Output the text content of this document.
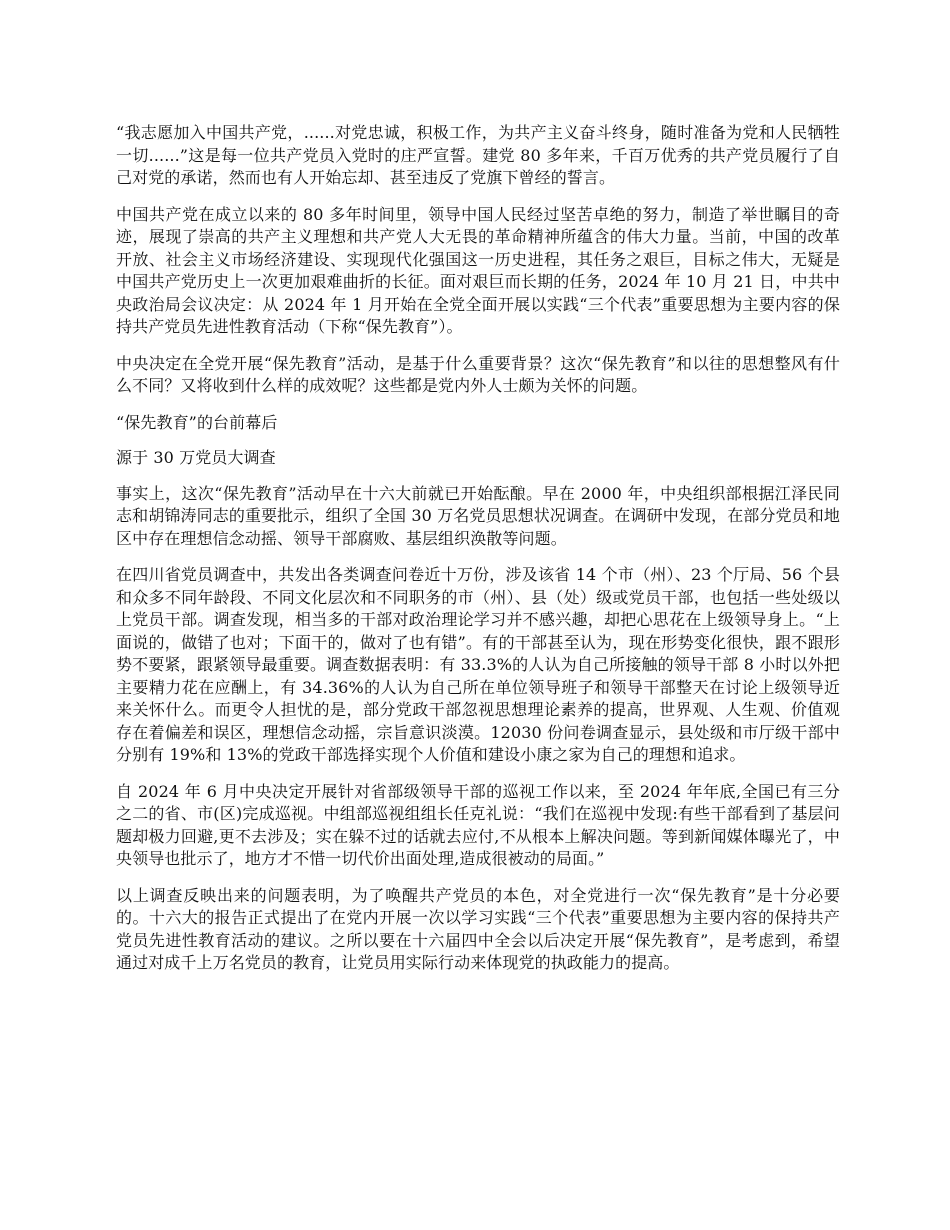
“我志愿加入中国共产党，......对党忠诚，积极工作，为共产主义奋斗终身，随时准备为党和人民牺牲一切......”这是每一位共产党员入党时的庄严宣誓。建党 80 多年来，千百万优秀的共产党员履行了自己对党的承诺，然而也有人开始忘却、甚至违反了党旗下曾经的誓言。

中国共产党在成立以来的 80 多年时间里，领导中国人民经过坚苦卓绝的努力，制造了举世瞩目的奇迹，展现了崇高的共产主义理想和共产党人大无畏的革命精神所蕴含的伟大力量。当前，中国的改革开放、社会主义市场经济建设、实现现代化强国这一历史进程，其任务之艰巨，目标之伟大，无疑是中国共产党历史上一次更加艰难曲折的长征。面对艰巨而长期的任务，2024 年 10 月 21 日，中共中央政治局会议决定：从 2024 年 1 月开始在全党全面开展以实践“三个代表”重要思想为主要内容的保持共产党员先进性教育活动（下称“保先教育”）。

中央决定在全党开展“保先教育”活动，是基于什么重要背景？这次“保先教育”和以往的思想整风有什么不同？又将收到什么样的成效呢？这些都是党内外人士颇为关怀的问题。

“保先教育”的台前幕后

源于 30 万党员大调查

事实上，这次“保先教育”活动早在十六大前就已开始酝酿。早在 2000 年，中央组织部根据江泽民同志和胡锦涛同志的重要批示，组织了全国 30 万名党员思想状况调查。在调研中发现，在部分党员和地区中存在理想信念动摇、领导干部腐败、基层组织涣散等问题。

在四川省党员调查中，共发出各类调查问卷近十万份，涉及该省 14 个市（州）、23 个厅局、56 个县和众多不同年龄段、不同文化层次和不同职务的市（州）、县（处）级或党员干部，也包括一些处级以上党员干部。调查发现，相当多的干部对政治理论学习并不感兴趣，却把心思花在上级领导身上。“上面说的，做错了也对；下面干的，做对了也有错”。有的干部甚至认为，现在形势变化很快，跟不跟形势不要紧，跟紧领导最重要。调查数据表明：有 33.3%的人认为自己所接触的领导干部 8 小时以外把主要精力花在应酬上，有 34.36%的人认为自己所在单位领导班子和领导干部整天在讨论上级领导近来关怀什么。而更令人担忧的是，部分党政干部忽视思想理论素养的提高，世界观、人生观、价值观存在着偏差和误区，理想信念动摇，宗旨意识淡漠。12030 份问卷调查显示，县处级和市厅级干部中分别有 19%和 13%的党政干部选择实现个人价值和建设小康之家为自己的理想和追求。

自 2024 年 6 月中央决定开展针对省部级领导干部的巡视工作以来，至 2024 年年底,全国已有三分之二的省、市(区)完成巡视。中组部巡视组组长任克礼说：“我们在巡视中发现:有些干部看到了基层问题却极力回避,更不去涉及；实在躲不过的话就去应付,不从根本上解决问题。等到新闻媒体曝光了，中央领导也批示了，地方才不惜一切代价出面处理,造成很被动的局面。”

以上调查反映出来的问题表明，为了唤醒共产党员的本色，对全党进行一次“保先教育”是十分必要的。十六大的报告正式提出了在党内开展一次以学习实践“三个代表”重要思想为主要内容的保持共产党员先进性教育活动的建议。之所以要在十六届四中全会以后决定开展“保先教育”，是考虑到，希望通过对成千上万名党员的教育，让党员用实际行动来体现党的执政能力的提高。
